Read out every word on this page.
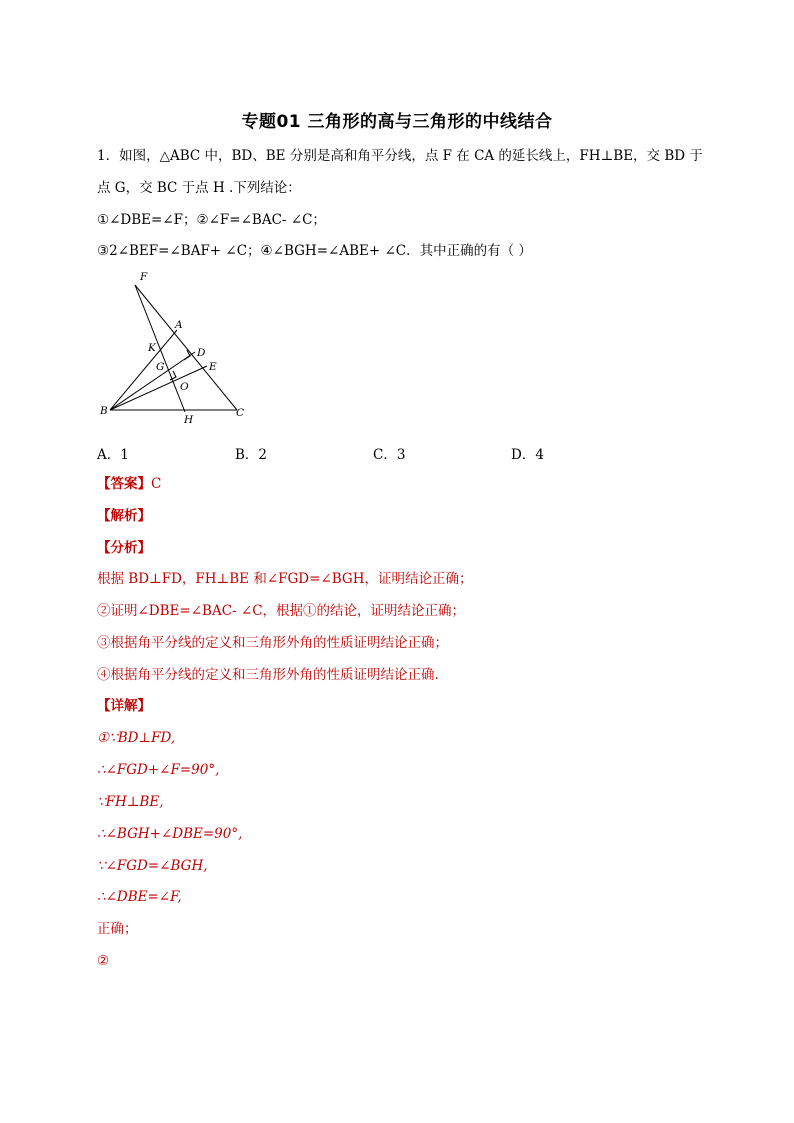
专题01 三角形的高与三角形的中线结合
1．如图，△ABC 中，BD、BE 分别是高和角平分线，点 F 在 CA 的延长线上，FH⊥BE，交 BD 于
点 G，交 BC 于点 H .下列结论：
①∠DBE=∠F；②∠F=∠BAC- ∠C；
③2∠BEF=∠BAF+ ∠C；④∠BGH=∠ABE+ ∠C．其中正确的有（ ）
F
A
K	D
G	E
O
B
H
C
A．1	B．2	C．3	D．4
【答案】C
【解析】
【分析】
根据 BD⊥FD，FH⊥BE 和∠FGD=∠BGH，证明结论正确；
②证明∠DBE=∠BAC- ∠C，根据①的结论，证明结论正确；
③根据角平分线的定义和三角形外角的性质证明结论正确；
④根据角平分线的定义和三角形外角的性质证明结论正确.
【详解】
①∵BD⊥FD,
∴∠FGD+∠F=90°,
∵FH⊥BE,
∴∠BGH+∠DBE=90°,
∵∠FGD=∠BGH,
∴∠DBE=∠F,
正确；
②
